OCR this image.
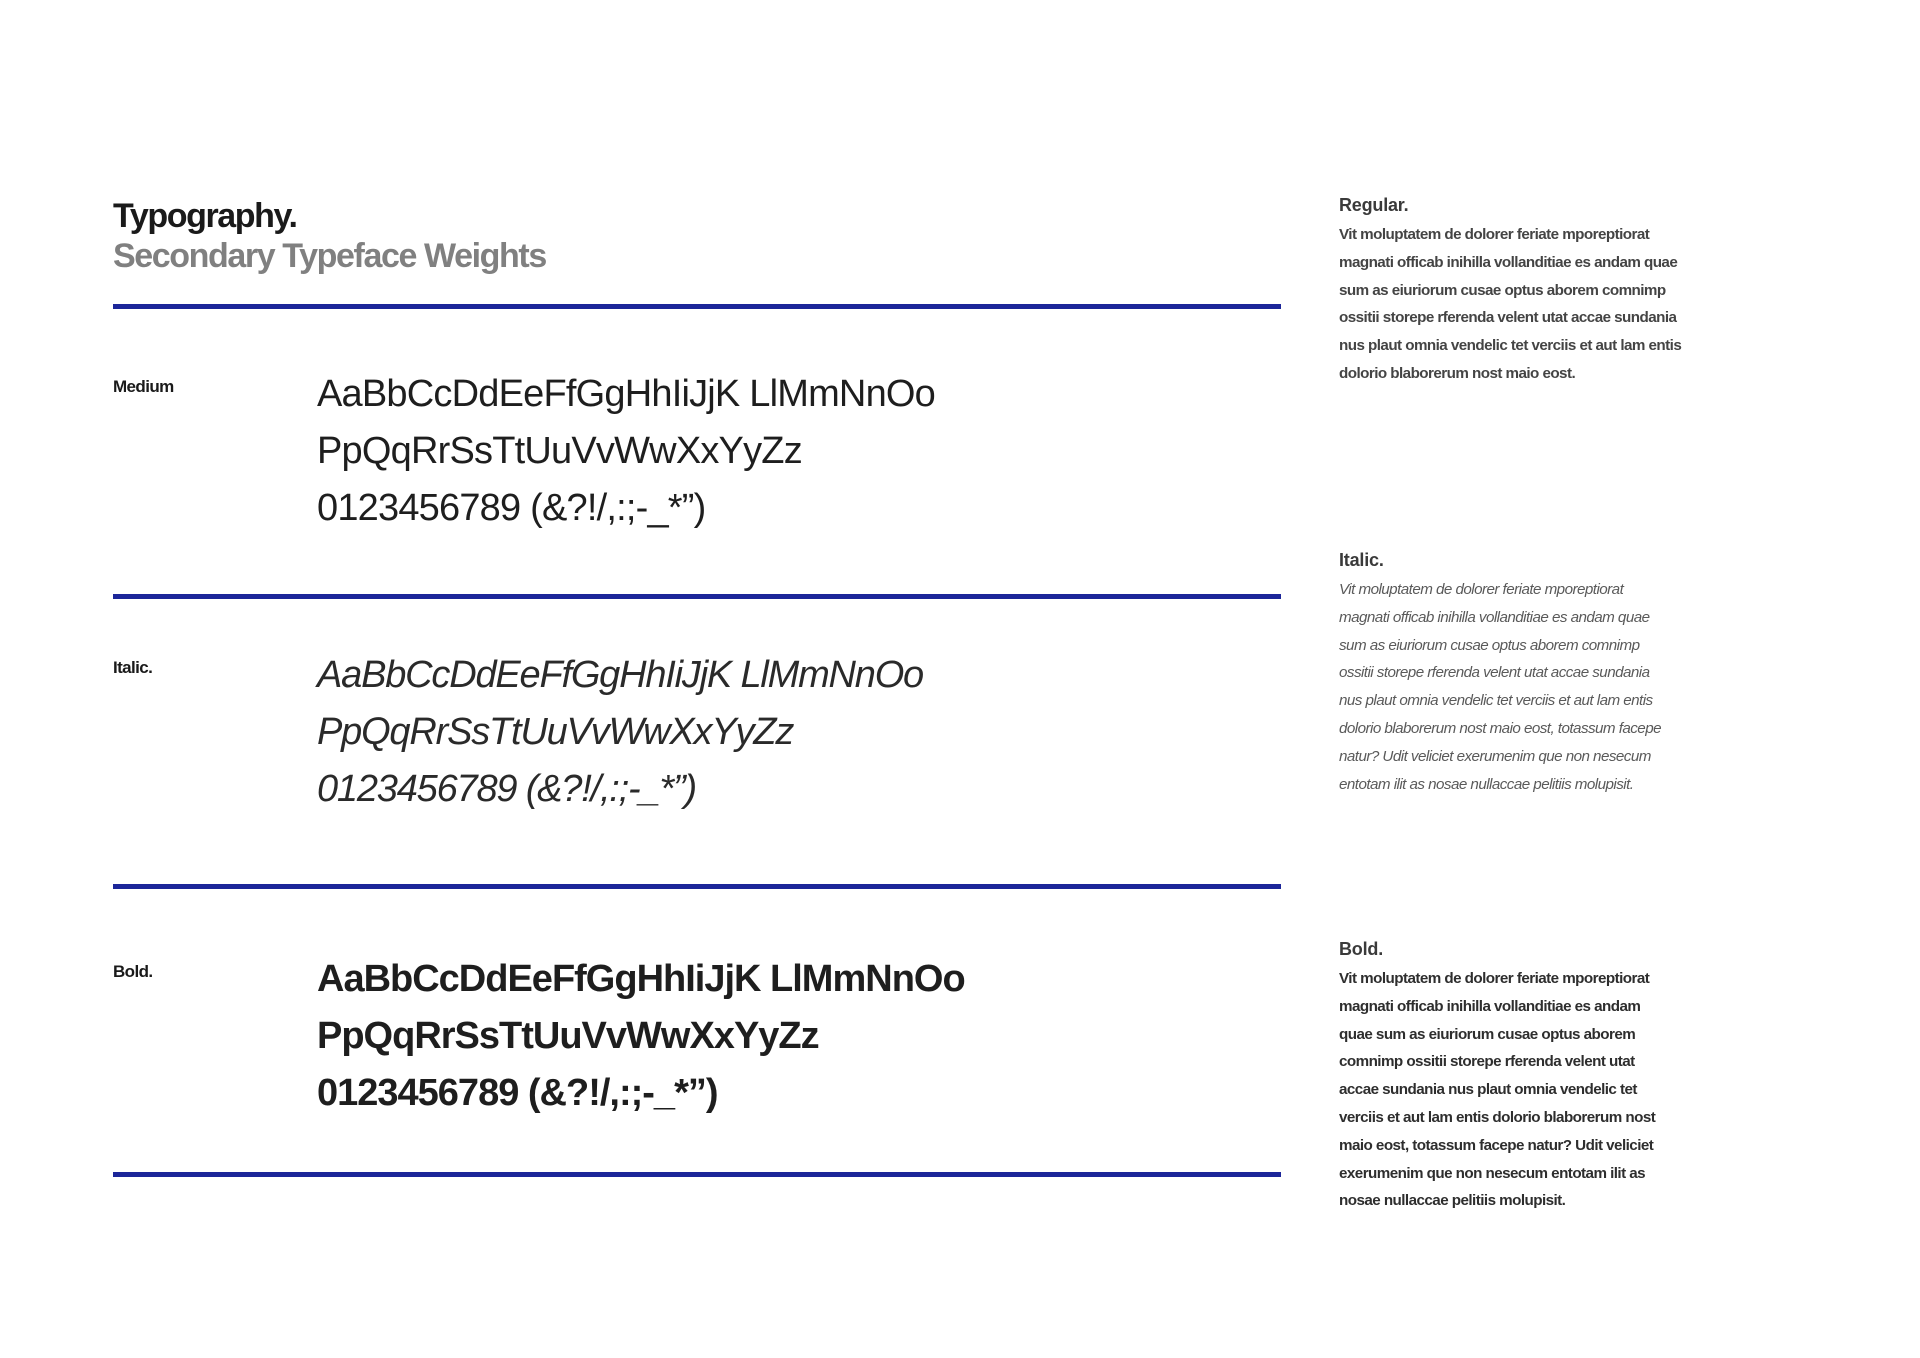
Typography.
Secondary Typeface Weights

Medium	AaBbCcDdEeFfGgHhIiJjK LlMmNnOo
PpQqRrSsTtUuVvWwXxYyZz
0123456789 (&?!/,:;-_*”)

Italic.	AaBbCcDdEeFfGgHhIiJjK LlMmNnOo
PpQqRrSsTtUuVvWwXxYyZz
0123456789 (&?!/,:;-_*”)

Bold.	AaBbCcDdEeFfGgHhIiJjK LlMmNnOo
PpQqRrSsTtUuVvWwXxYyZz
0123456789 (&?!/,:;-_*”)

Regular.

Vit moluptatem de dolorer feriate mporeptiorat
magnati officab inihilla vollanditiae es andam quae
sum as eiuriorum cusae optus aborem comnimp
ossitii storepe rferenda velent utat accae sundania
nus plaut omnia vendelic tet verciis et aut lam entis
dolorio blaborerum nost maio eost.

Italic.

Vit moluptatem de dolorer feriate mporeptiorat
magnati officab inihilla vollanditiae es andam quae
sum as eiuriorum cusae optus aborem comnimp
ossitii storepe rferenda velent utat accae sundania
nus plaut omnia vendelic tet verciis et aut lam entis
dolorio blaborerum nost maio eost, totassum facepe
natur? Udit veliciet exerumenim que non nesecum
entotam ilit as nosae nullaccae pelitiis molupisit.

Bold.

Vit moluptatem de dolorer feriate mporeptiorat
magnati officab inihilla vollanditiae es andam
quae sum as eiuriorum cusae optus aborem
comnimp ossitii storepe rferenda velent utat
accae sundania nus plaut omnia vendelic tet
verciis et aut lam entis dolorio blaborerum nost
maio eost, totassum facepe natur? Udit veliciet
exerumenim que non nesecum entotam ilit as
nosae nullaccae pelitiis molupisit.
